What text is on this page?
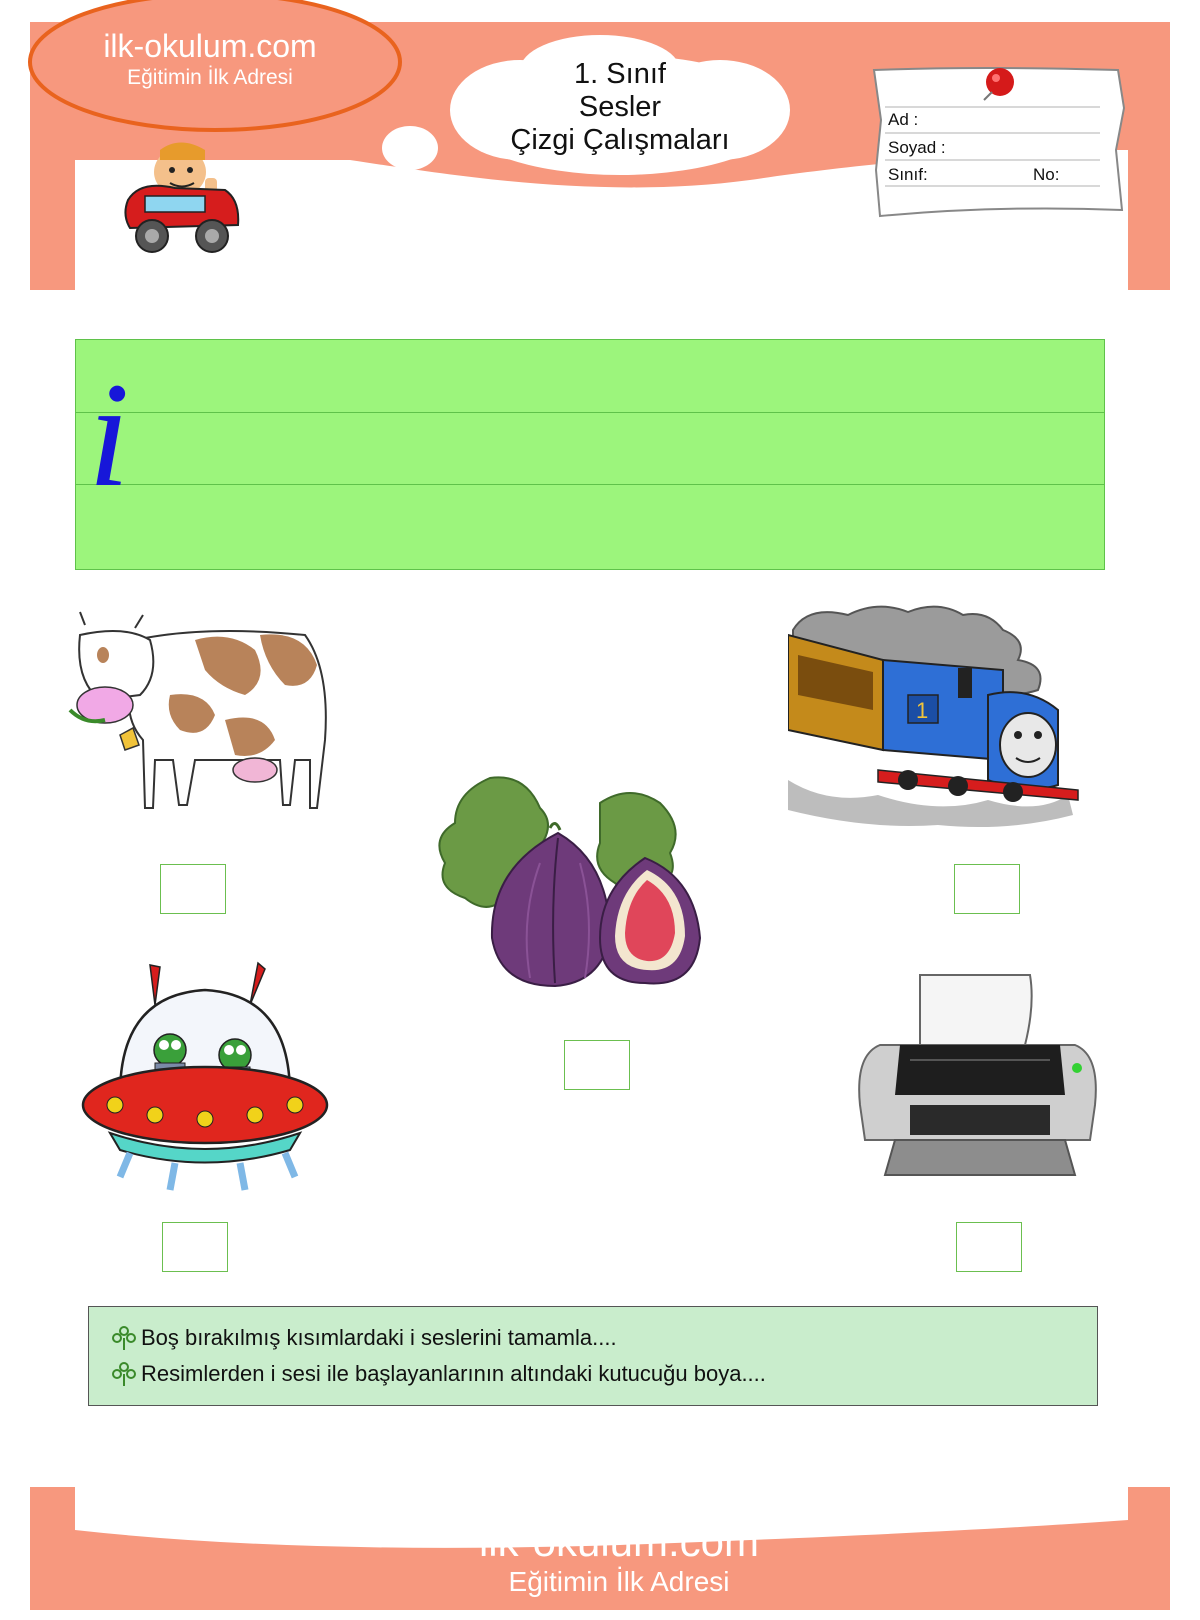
ilk-okulum.com
Eğitimin İlk Adresi	1. Sınıf
Sesler
Çizgi Çalışmaları
Ad :
Soyad :
Sınıf:	No:
i
1
Boş bırakılmış kısımlardaki i seslerini tamamla....
Resimlerden i sesi ile başlayanlarının altındaki kutucuğu boya....
ilk-okulum.com
Eğitimin İlk Adresi
